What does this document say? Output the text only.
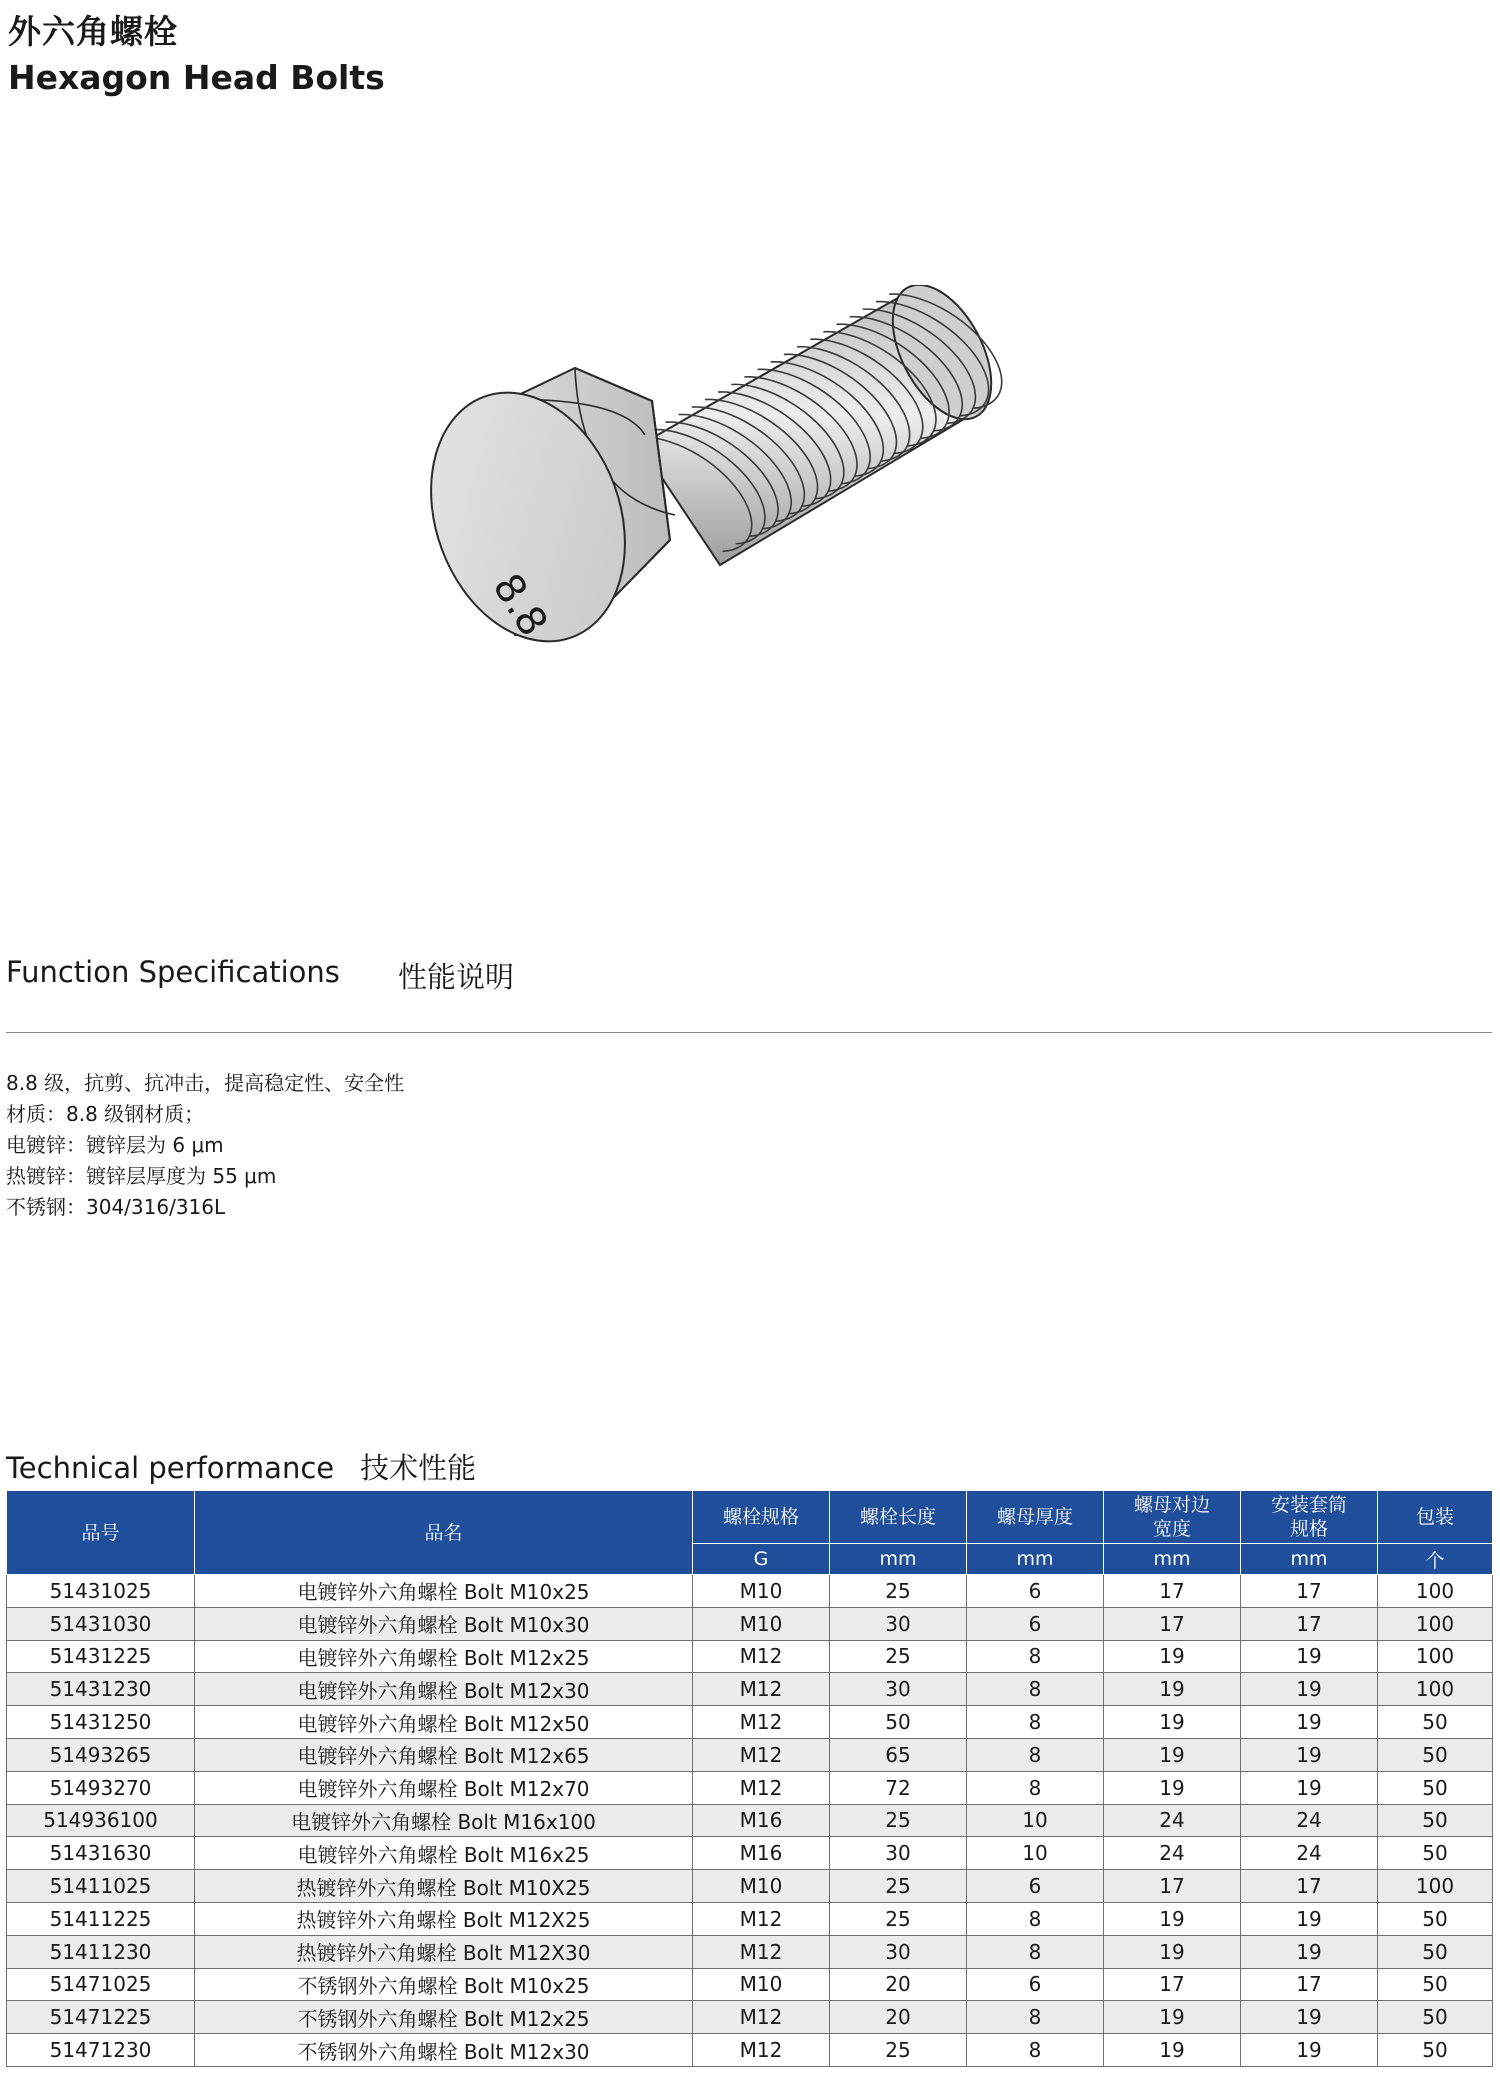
外六角螺栓
Hexagon Head Bolts
8.8
Function Specifications 性能说明
8.8 级，抗剪、抗冲击，提高稳定性、安全性
材质：8.8 级钢材质；
电镀锌：镀锌层为 6 μm
热镀锌：镀锌层厚度为 55 μm
不锈钢：304/316/316L
Technical performance 技术性能
品号	品名	螺栓规格	螺栓长度	螺母厚度	螺母对边宽度	安装套筒规格	包装
		G	mm	mm	mm	mm	个
51431025	电镀锌外六角螺栓 Bolt M10x25	M10	25	6	17	17	100
51431030	电镀锌外六角螺栓 Bolt M10x30	M10	30	6	17	17	100
51431225	电镀锌外六角螺栓 Bolt M12x25	M12	25	8	19	19	100
51431230	电镀锌外六角螺栓 Bolt M12x30	M12	30	8	19	19	100
51431250	电镀锌外六角螺栓 Bolt M12x50	M12	50	8	19	19	50
51493265	电镀锌外六角螺栓 Bolt M12x65	M12	65	8	19	19	50
51493270	电镀锌外六角螺栓 Bolt M12x70	M12	72	8	19	19	50
514936100	电镀锌外六角螺栓 Bolt M16x100	M16	25	10	24	24	50
51431630	电镀锌外六角螺栓 Bolt M16x25	M16	30	10	24	24	50
51411025	热镀锌外六角螺栓 Bolt M10X25	M10	25	6	17	17	100
51411225	热镀锌外六角螺栓 Bolt M12X25	M12	25	8	19	19	50
51411230	热镀锌外六角螺栓 Bolt M12X30	M12	30	8	19	19	50
51471025	不锈钢外六角螺栓 Bolt M10x25	M10	20	6	17	17	50
51471225	不锈钢外六角螺栓 Bolt M12x25	M12	20	8	19	19	50
51471230	不锈钢外六角螺栓 Bolt M12x30	M12	25	8	19	19	50
